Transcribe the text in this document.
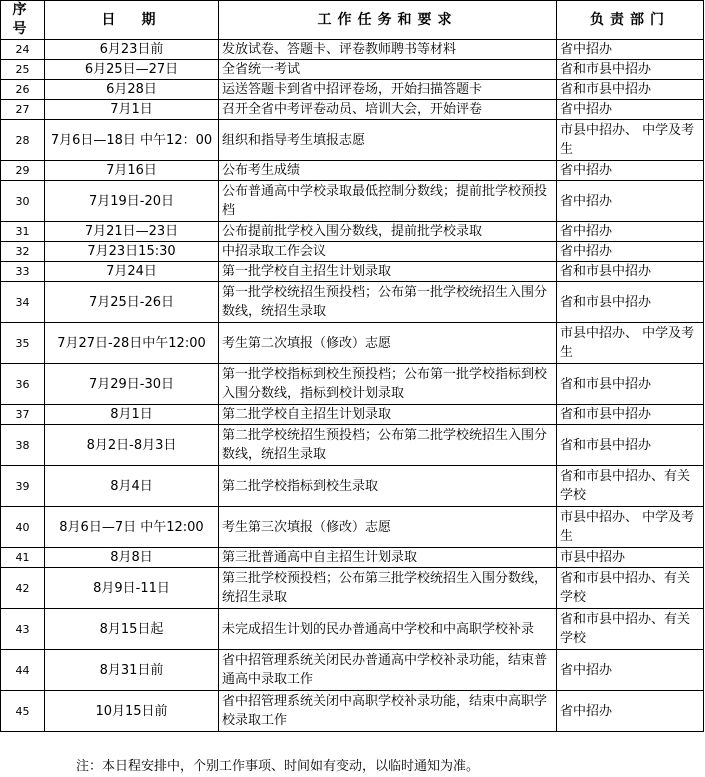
序号	日　期	工作任务和要求	负责部门
24	6月23日前	发放试卷、答题卡、评卷教师聘书等材料	省中招办
25	6月25日—27日	全省统一考试	省和市县中招办
26	6月28日	运送答题卡到省中招评卷场，开始扫描答题卡	省和市县中招办
27	7月1日	召开全省中考评卷动员、培训大会，开始评卷	省中招办
28	7月6日—18日 中午12：00	组织和指导考生填报志愿	市县中招办、 中学及考生
29	7月16日	公布考生成绩	省中招办
30	7月19日-20日	公布普通高中学校录取最低控制分数线；提前批学校预投档	省中招办
31	7月21日—23日	公布提前批学校入围分数线，提前批学校录取	省中招办
32	7月23日15:30	中招录取工作会议	省中招办
33	7月24日	第一批学校自主招生计划录取	省和市县中招办
34	7月25日-26日	第一批学校统招生预投档；公布第一批学校统招生入围分数线，统招生录取	省和市县中招办
35	7月27日-28日中午12:00	考生第二次填报（修改）志愿	市县中招办、 中学及考生
36	7月29日-30日	第一批学校指标到校生预投档；公布第一批学校指标到校入围分数线，指标到校计划录取	省和市县中招办
37	8月1日	第二批学校自主招生计划录取	省和市县中招办
38	8月2日-8月3日	第二批学校统招生预投档；公布第二批学校统招生入围分数线，统招生录取	省和市县中招办
39	8月4日	第二批学校指标到校生录取	省和市县中招办、有关学校
40	8月6日—7日 中午12:00	考生第三次填报（修改）志愿	市县中招办、 中学及考生
41	8月8日	第三批普通高中自主招生计划录取	市县中招办
42	8月9日-11日	第三批学校预投档；公布第三批学校统招生入围分数线，统招生录取	省和市县中招办、有关学校
43	8月15日起	未完成招生计划的民办普通高中学校和中高职学校补录	省和市县中招办、有关学校
44	8月31日前	省中招管理系统关闭民办普通高中学校补录功能，结束普通高中录取工作	省中招办
45	10月15日前	省中招管理系统关闭中高职学校补录功能，结束中高职学校录取工作	省中招办
注：本日程安排中，个别工作事项、时间如有变动，以临时通知为准。
